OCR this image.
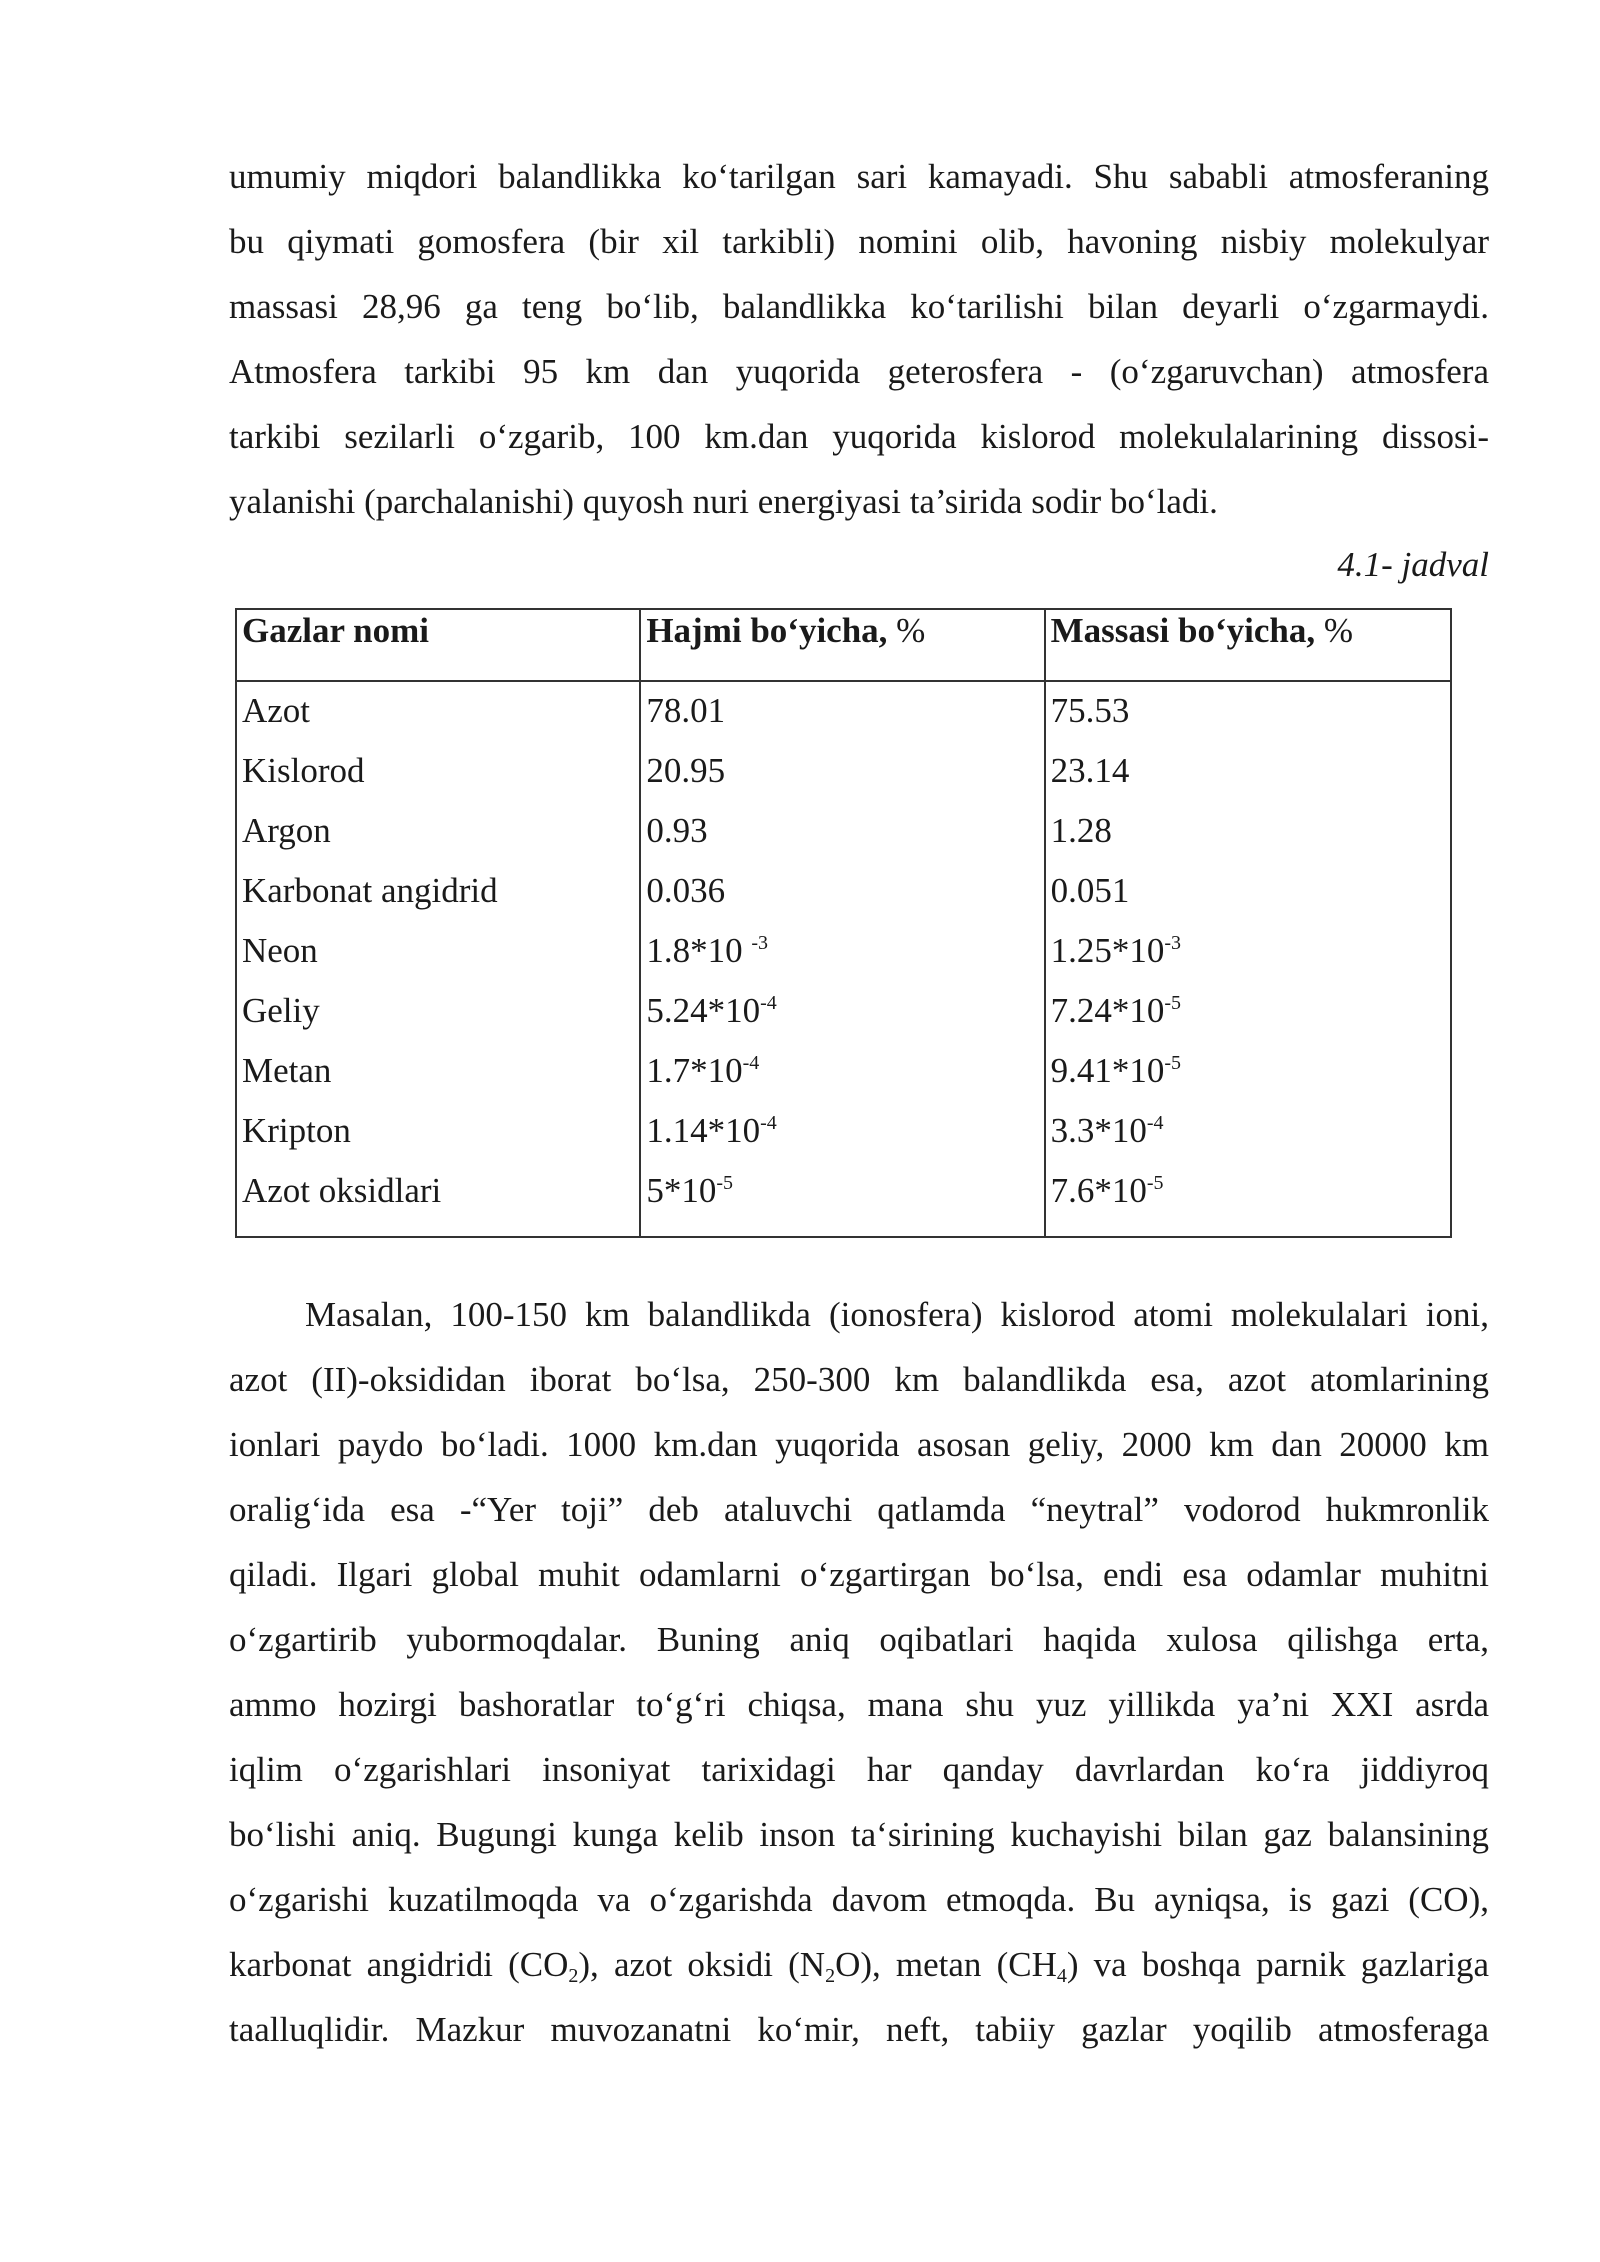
umumiy miqdori balandlikka ko‘tarilgan sari kamayadi. Shu sababli atmosferaning
bu qiymati gomosfera (bir xil tarkibli) nomini olib, havoning nisbiy molekulyar
massasi 28,96 ga teng bo‘lib, balandlikka ko‘tarilishi bilan deyarli o‘zgarmaydi.
Atmosfera tarkibi 95 km dan yuqorida geterosfera - (o‘zgaruvchan) atmosfera
tarkibi sezilarli o‘zgarib, 100 km.dan yuqorida kislorod molekulalarining dissosi-
yalanishi (parchalanishi) quyosh nuri energiyasi ta’sirida sodir bo‘ladi.

4.1- jadval
Gazlar nomi	Hajmi bo‘yicha, %	Massasi bo‘yicha, %
Azot	78.01	75.53
Kislorod	20.95	23.14
Argon	0.93	1.28
Karbonat angidrid	0.036	0.051
Neon	1.8*10 $^{-3}$	$1.25*10^{-3}$
Geliy	$5.24*10^{-4}$	$7.24*10^{-5}$
Metan	$1.7*10^{-4}$	$9.41*10^{-5}$
Kripton	$1.14*10^{-4}$	$3.3*10^{-4}$
Azot oksidlari	$5*10^{-5}$	$7.6*10^{-5}$

Masalan, 100-150 km balandlikda (ionosfera) kislorod atomi molekulalari ioni,
azot (II)-oksididan iborat bo‘lsa, 250-300 km balandlikda esa, azot atomlarining
ionlari paydo bo‘ladi. 1000 km.dan yuqorida asosan geliy, 2000 km dan 20000 km
oralig‘ida esa -“Yer toji” deb ataluvchi qatlamda “neytral” vodorod hukmronlik
qiladi. Ilgari global muhit odamlarni o‘zgartirgan bo‘lsa, endi esa odamlar muhitni
o‘zgartirib yubormoqdalar. Buning aniq oqibatlari haqida xulosa qilishga erta,
ammo hozirgi bashoratlar to‘g‘ri chiqsa, mana shu yuz yillikda ya’ni XXI asrda
iqlim o‘zgarishlari insoniyat tarixidagi har qanday davrlardan ko‘ra jiddiyroq
bo‘lishi aniq. Bugungi kunga kelib inson ta‘sirining kuchayishi bilan gaz balansining
o‘zgarishi kuzatilmoqda va o‘zgarishda davom etmoqda. Bu ayniqsa, is gazi (CO),
karbonat angidridi $(CO_2)$, azot oksidi $(N_2O)$, metan $(CH_4)$ va boshqa parnik gazlariga
taalluqlidir. Mazkur muvozanatni ko‘mir, neft, tabiiy gazlar yoqilib atmosferaga
